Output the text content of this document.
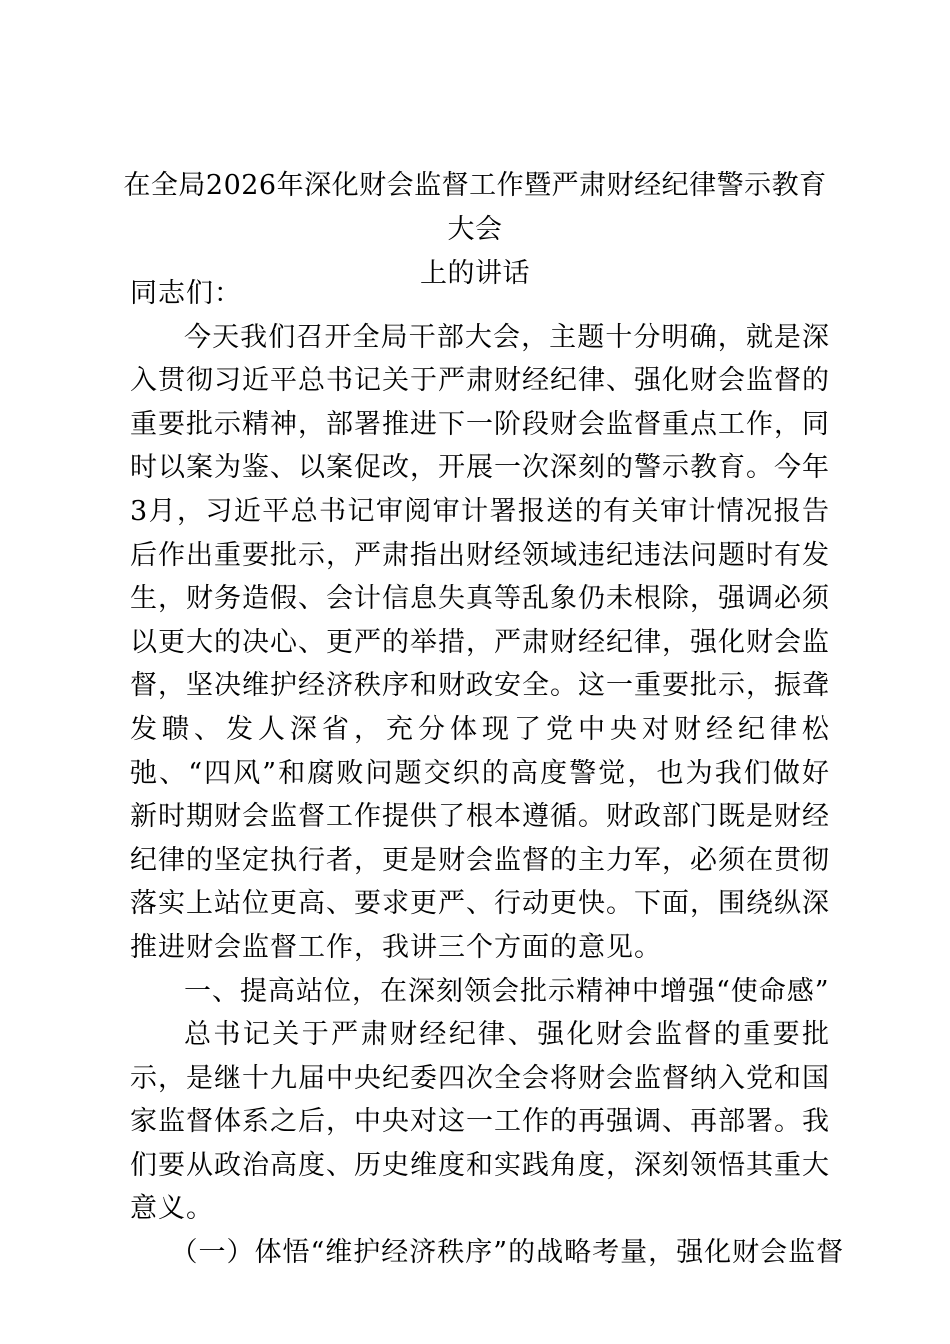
在全局2026年深化财会监督工作暨严肃财经纪律警示教育大会
上的讲话

同志们：

今天我们召开全局干部大会，主题十分明确，就是深入贯彻习近平总书记关于严肃财经纪律、强化财会监督的重要批示精神，部署推进下一阶段财会监督重点工作，同时以案为鉴、以案促改，开展一次深刻的警示教育。今年3月，习近平总书记审阅审计署报送的有关审计情况报告后作出重要批示，严肃指出财经领域违纪违法问题时有发生，财务造假、会计信息失真等乱象仍未根除，强调必须以更大的决心、更严的举措，严肃财经纪律，强化财会监督，坚决维护经济秩序和财政安全。这一重要批示，振聋发聩、发人深省，充分体现了党中央对财经纪律松弛、“四风”和腐败问题交织的高度警觉，也为我们做好新时期财会监督工作提供了根本遵循。财政部门既是财经纪律的坚定执行者，更是财会监督的主力军，必须在贯彻落实上站位更高、要求更严、行动更快。下面，围绕纵深推进财会监督工作，我讲三个方面的意见。

一、提高站位，在深刻领会批示精神中增强“使命感”

总书记关于严肃财经纪律、强化财会监督的重要批示，是继十九届中央纪委四次全会将财会监督纳入党和国家监督体系之后，中央对这一工作的再强调、再部署。我们要从政治高度、历史维度和实践角度，深刻领悟其重大意义。

（一）体悟“维护经济秩序”的战略考量，强化财会监督
